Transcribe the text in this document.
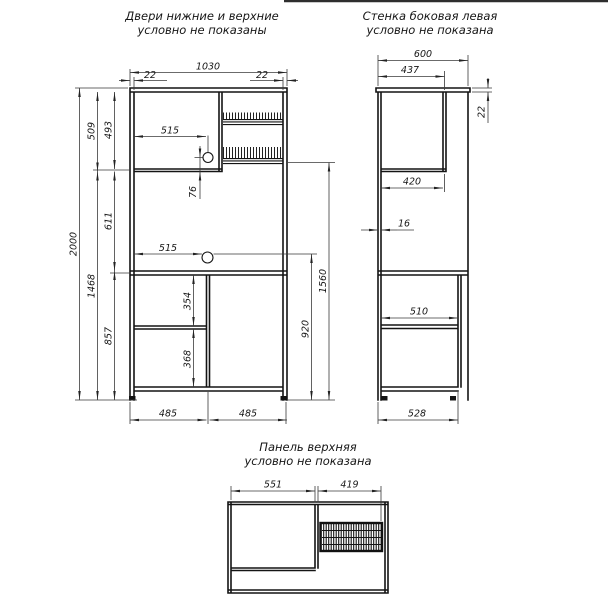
Двери нижние и верхние
условно не показаны
Стенка боковая левая
условно не показана
Панель верхняя
условно не показана
1030
22	22
2000
509
1468
493
611
857
515
515
76
354
368
920
1560
485	485
600
437
22
420
16
510
528
551	419
